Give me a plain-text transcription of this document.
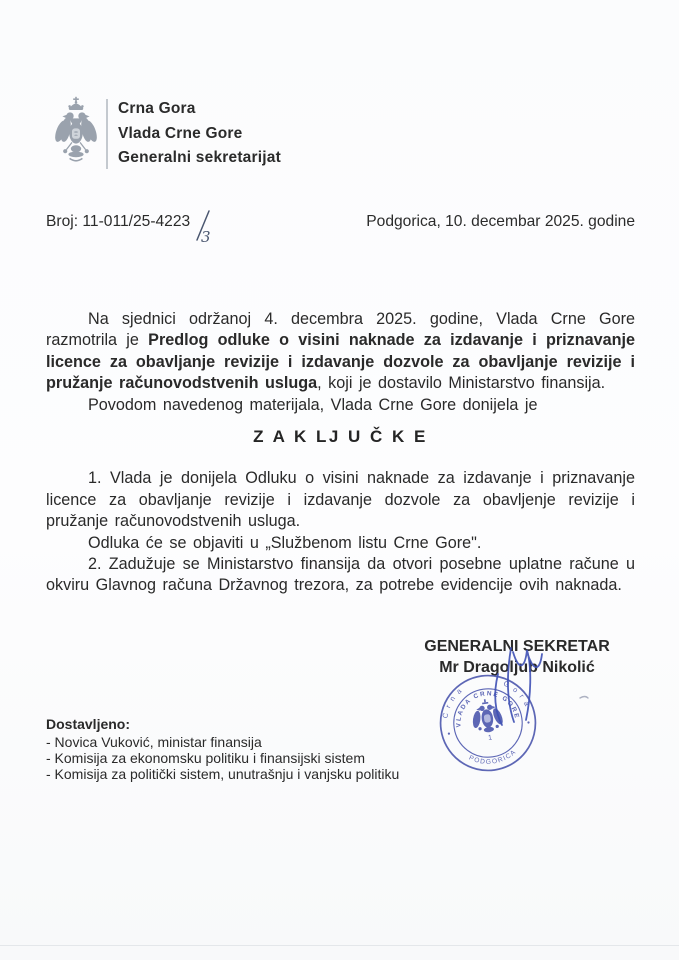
Crna Gora
Vlada Crne Gore
Generalni sekretarijat
Broj: 11-011/25-4223
3
Podgorica, 10. decembar 2025. godine

Na sjednici održanoj 4. decembra 2025. godine, Vlada Crne Gore razmotrila je Predlog odluke o visini naknade za izdavanje i priznavanje licence za obavljanje revizije i izdavanje dozvole za obavljanje revizije i pružanje računovodstvenih usluga, koji je dostavilo Ministarstvo finansija.

Povodom navedenog materijala, Vlada Crne Gore donijela je

Z A K LJ U Č K E

1. Vlada je donijela Odluku o visini naknade za izdavanje i priznavanje licence za obavljanje revizije i izdavanje dozvole za obavljenje revizije i pružanje računovodstvenih usluga.

Odluka će se objaviti u „Službenom listu Crne Gore".

2. Zadužuje se Ministarstvo finansija da otvori posebne uplatne račune u okviru Glavnog računa Državnog trezora, za potrebe evidencije ovih naknada.

GENERALNI SEKRETAR
Mr Dragoljub Nikolić
C r n a
G o r a
VLADA CRNE GORE
PODGORICA
1
Dostavljeno:
- Novica Vuković, ministar finansija
- Komisija za ekonomsku politiku i finansijski sistem
- Komisija za politički sistem, unutrašnju i vanjsku politiku
